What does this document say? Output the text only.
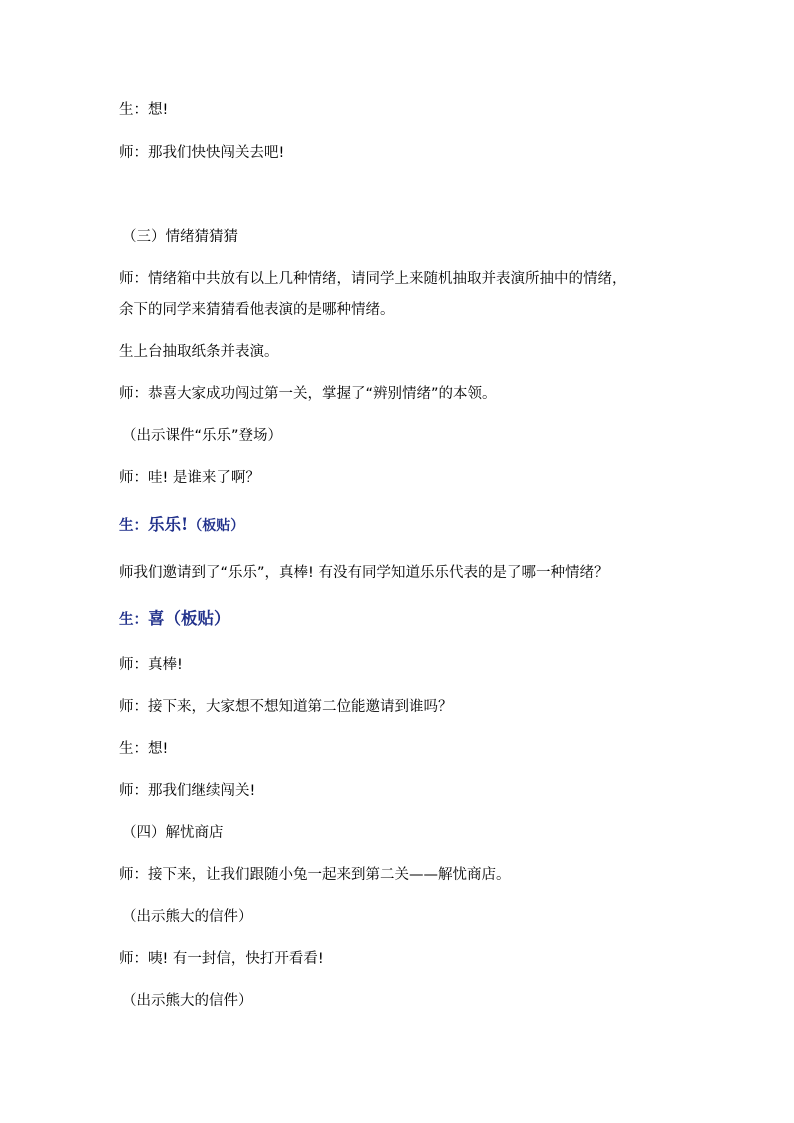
生：想!
师：那我们快快闯关去吧!
（三）情绪猜猜猜
师：情绪箱中共放有以上几种情绪，请同学上来随机抽取并表演所抽中的情绪，
余下的同学来猜猜看他表演的是哪种情绪。
生上台抽取纸条并表演。
师：恭喜大家成功闯过第一关，掌握了“辨别情绪”的本领。
（出示课件“乐乐”登场）
师：哇! 是谁来了啊？
生：乐乐!（板贴）
师我们邀请到了“乐乐”，真棒! 有没有同学知道乐乐代表的是了哪一种情绪？
生：喜（板贴）
师：真棒!
师：接下来，大家想不想知道第二位能邀请到谁吗？
生：想!
师：那我们继续闯关!
（四）解忧商店
师：接下来，让我们跟随小兔一起来到第二关——解忧商店。
（出示熊大的信件）
师：咦! 有一封信，快打开看看!
（出示熊大的信件）
